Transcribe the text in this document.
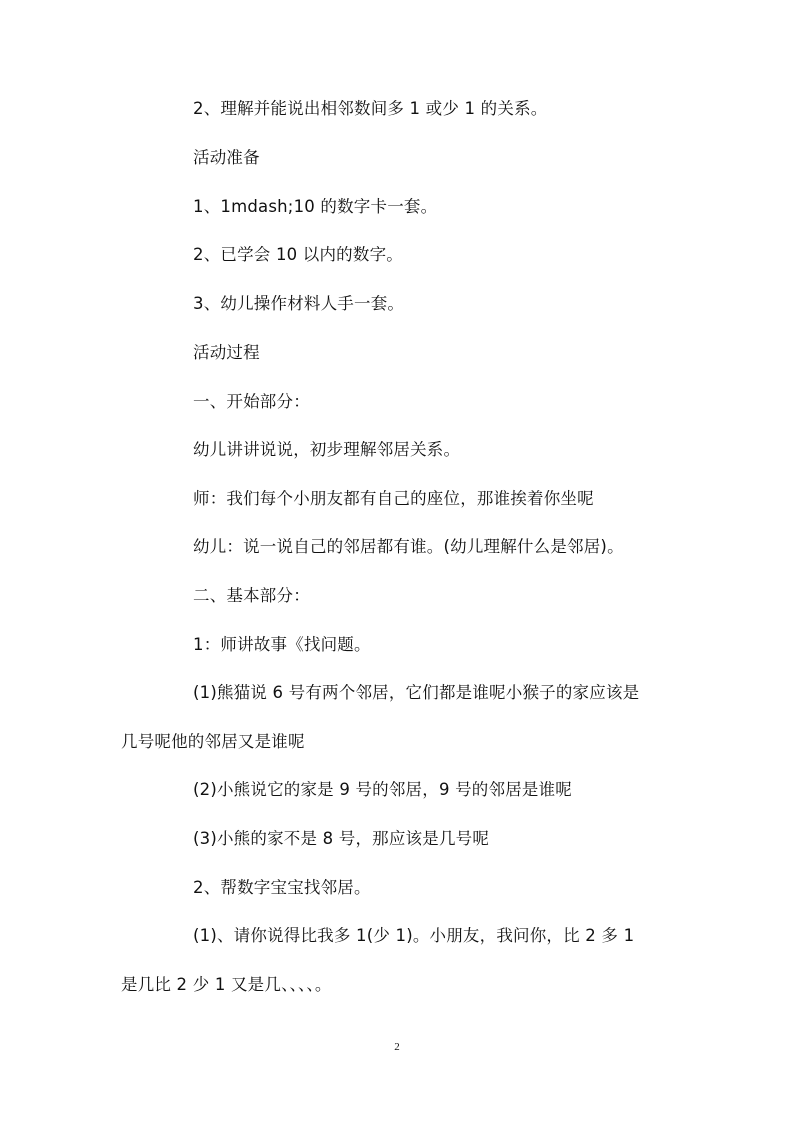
2、理解并能说出相邻数间多 1 或少 1 的关系。
活动准备
1、1mdash;10 的数字卡一套。
2、已学会 10 以内的数字。
3、幼儿操作材料人手一套。
活动过程
一、开始部分：
幼儿讲讲说说，初步理解邻居关系。
师：我们每个小朋友都有自己的座位，那谁挨着你坐呢
幼儿：说一说自己的邻居都有谁。(幼儿理解什么是邻居)。
二、基本部分：
1：师讲故事《找问题。
(1)熊猫说 6 号有两个邻居，它们都是谁呢小猴子的家应该是
几号呢他的邻居又是谁呢
(2)小熊说它的家是 9 号的邻居，9 号的邻居是谁呢
(3)小熊的家不是 8 号，那应该是几号呢
2、帮数字宝宝找邻居。
(1)、请你说得比我多 1(少 1)。小朋友，我问你，比 2 多 1
是几比 2 少 1 又是几、、、、。
2
